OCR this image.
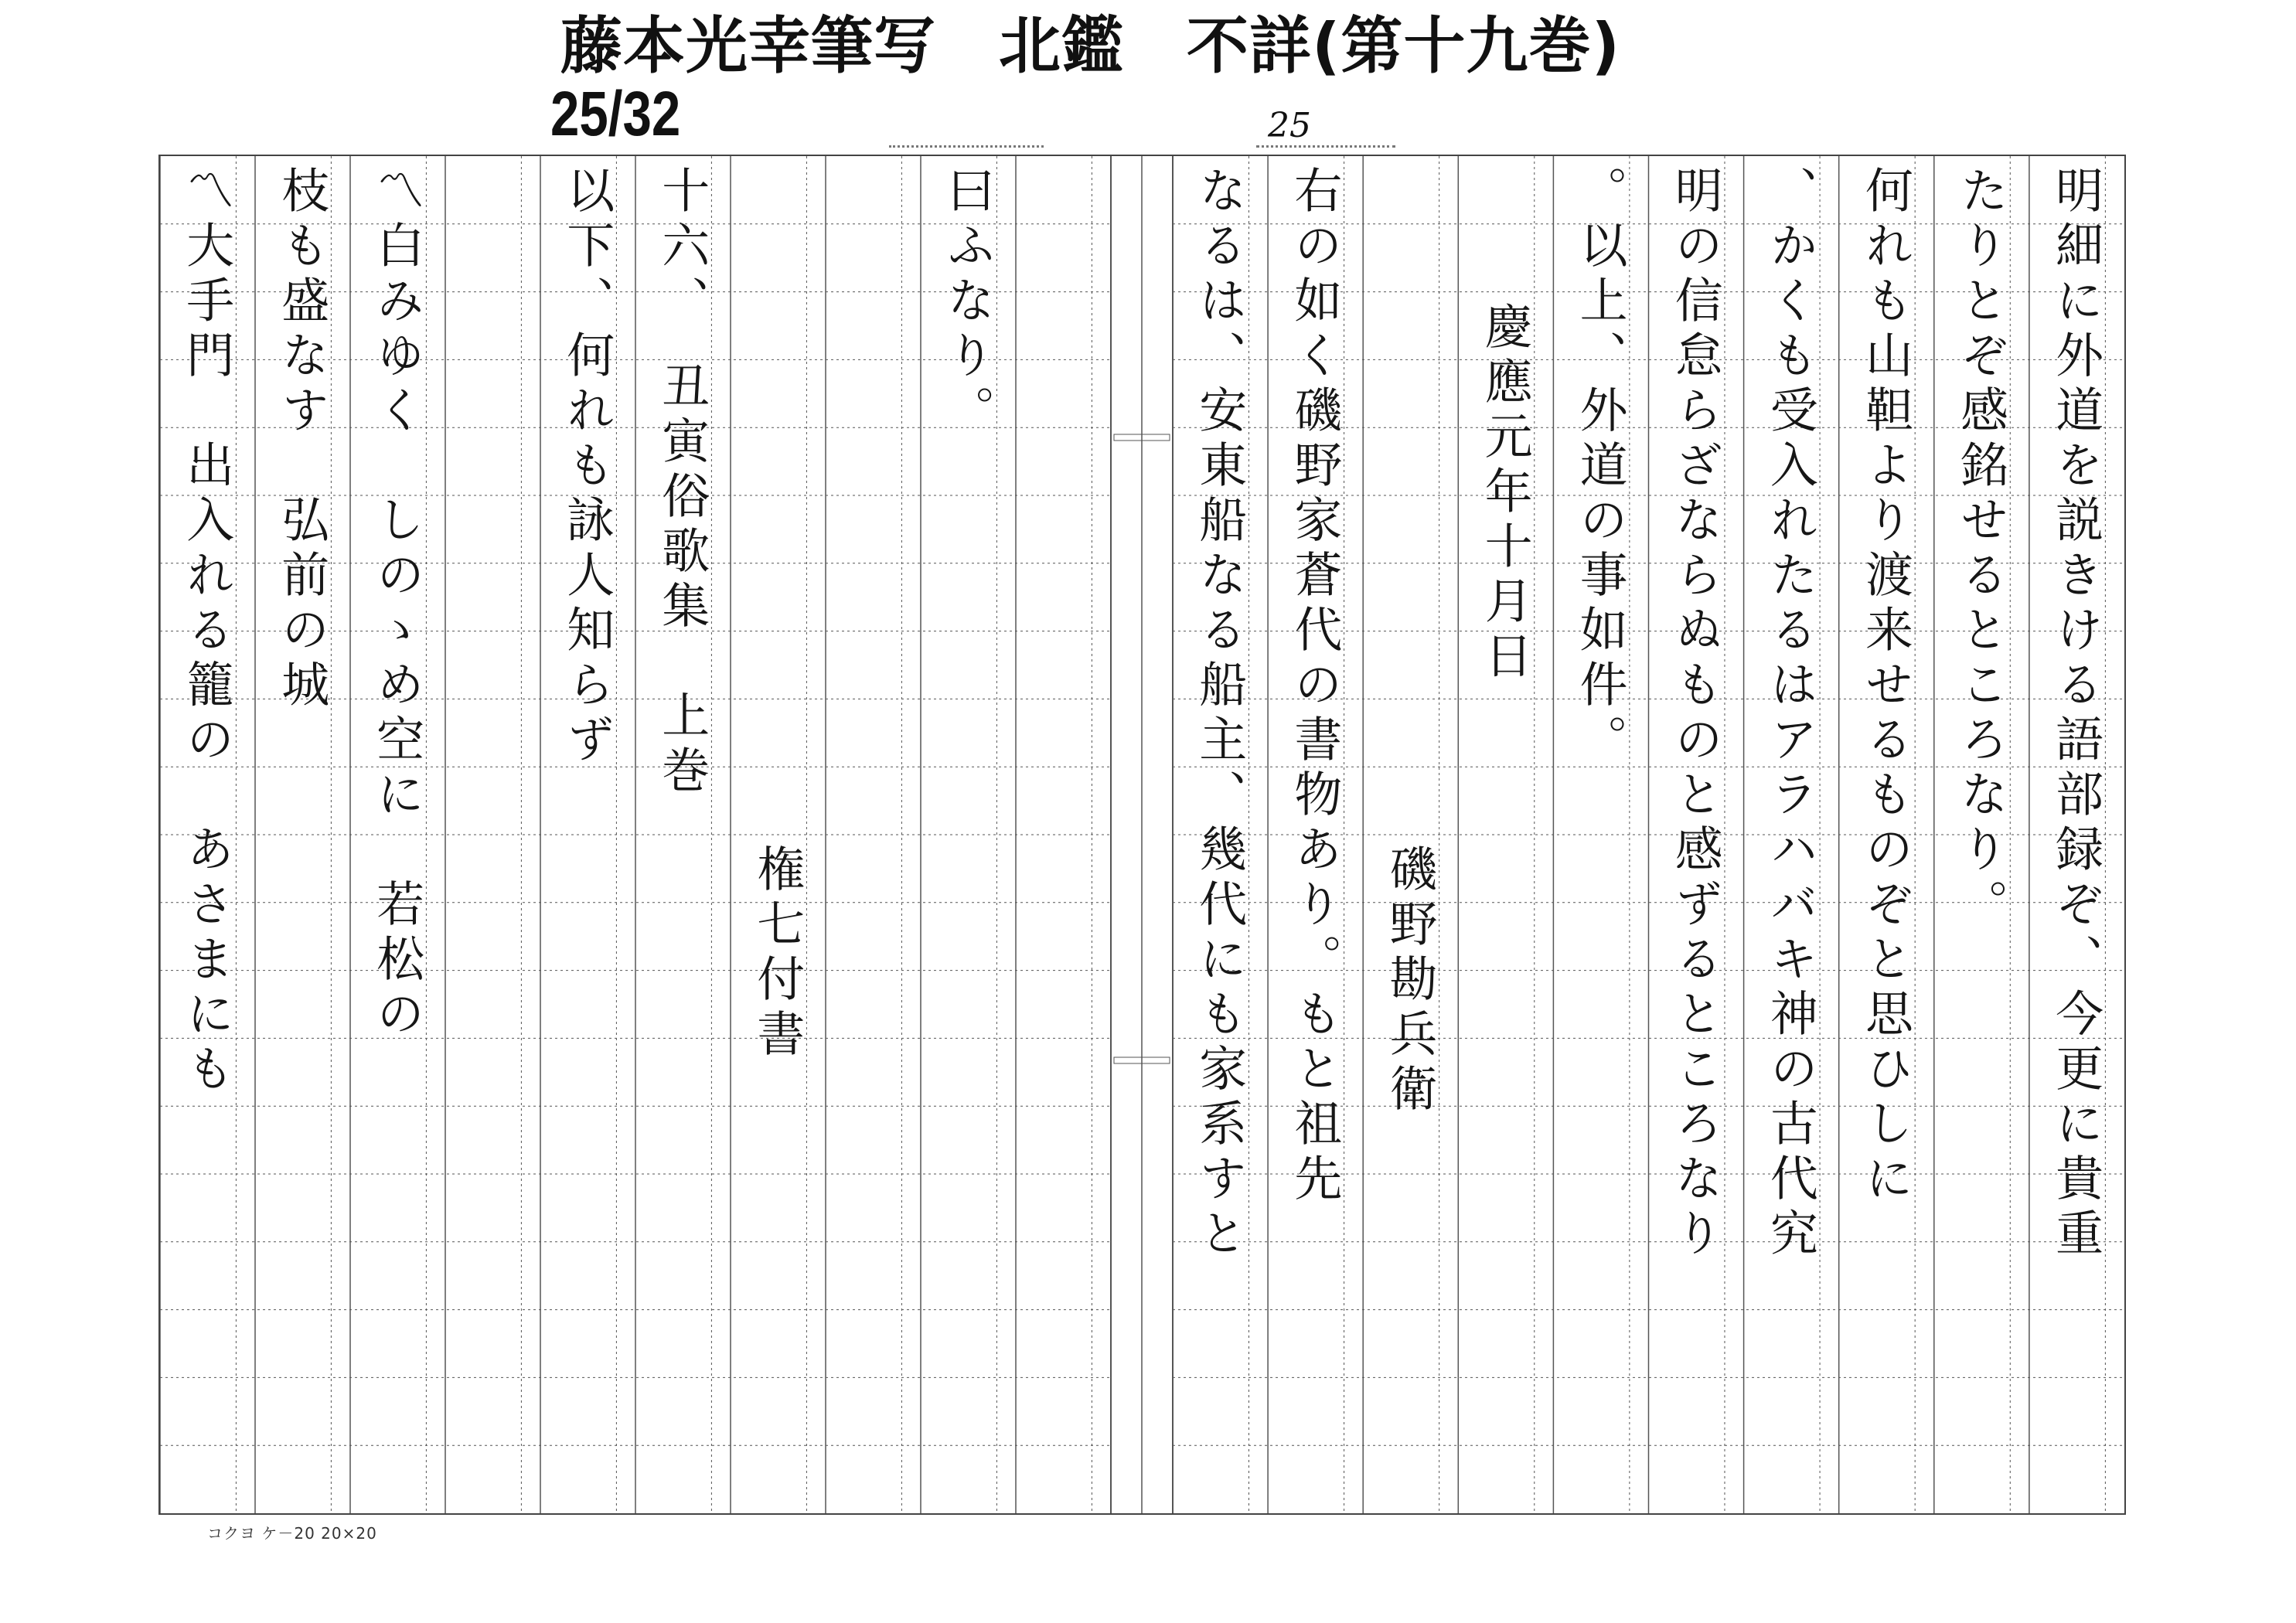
藤本光幸筆写　北鑑　不詳(第十九巻)
25/32	25
明細に外道を説きける語部録ぞ、今更に貴重
たりとぞ感銘せるところなり。
何れも山靼より渡来せるものぞと思ひしに
、かくも受入れたるはアラハバキ神の古代究
明の信怠らざならぬものと感ずるところなり
。以上、外道の事如件。
慶應元年十月日
磯野勘兵衛
右の如く磯野家蒼代の書物あり。もと祖先
なるは、安東船なる船主、幾代にも家系すと
曰ふなり。
権七付書
十六、　丑寅俗歌集　上巻
以下、何れも詠人知らず
〽白みゆく　しのゝめ空に　若松の
枝も盛なす　弘前の城
〽大手門　出入れる籠の　あさまにも
コクヨ ケ－20 20×20
